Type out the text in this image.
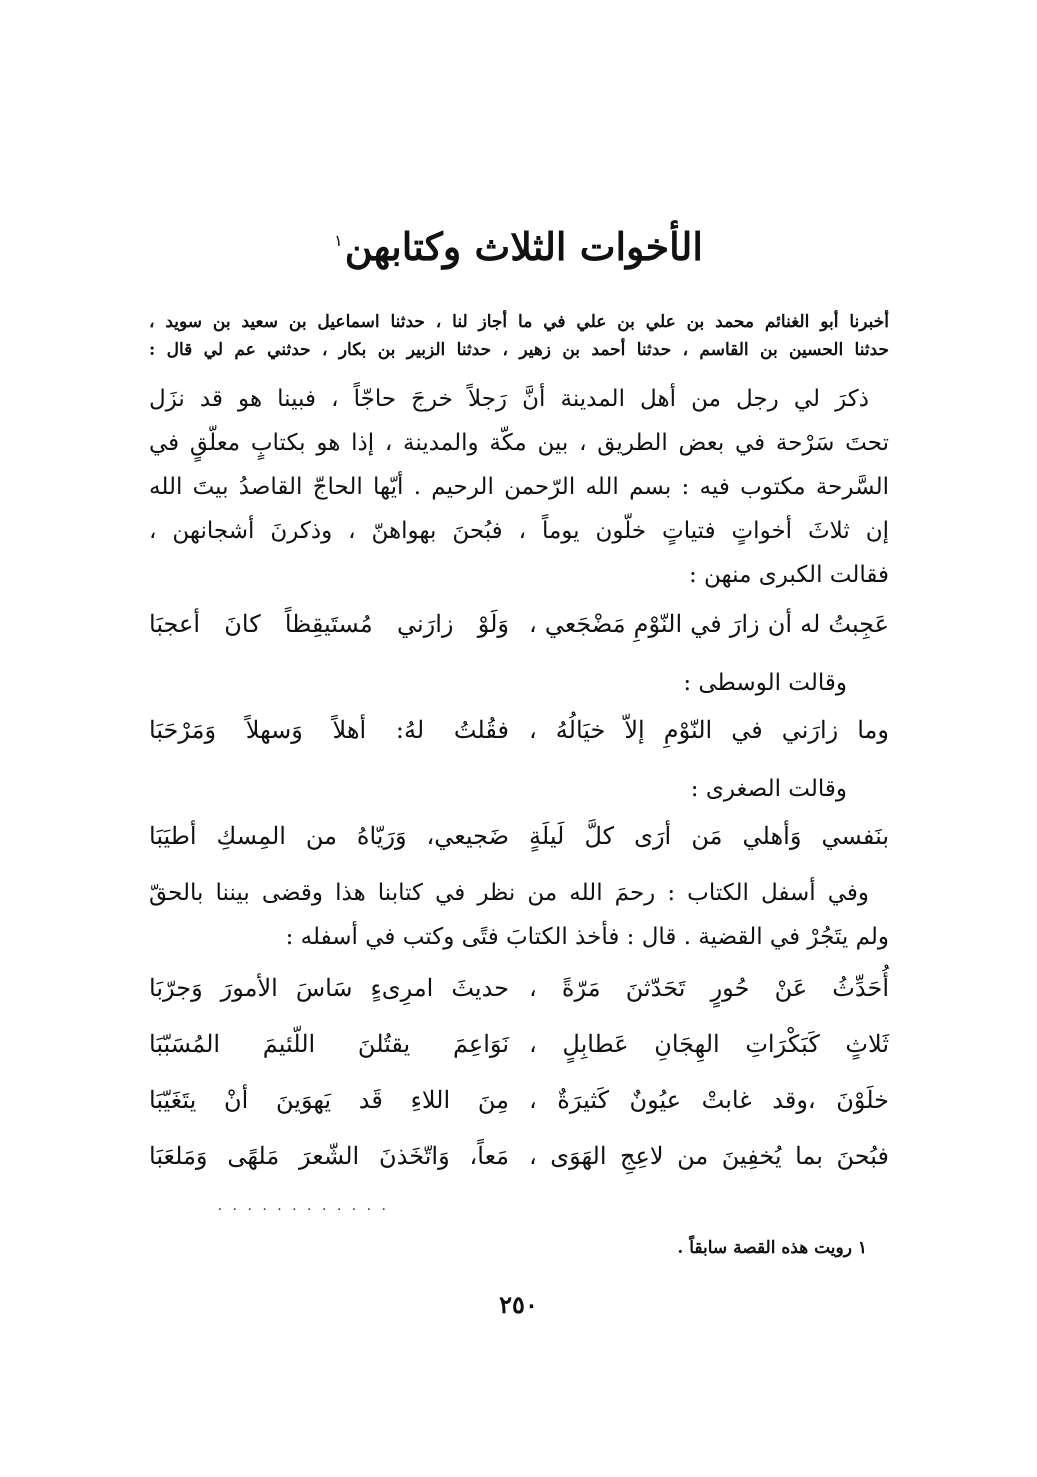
الأخوات الثلاث وكتابهن$^١$
أخبرنا أبو الغنائم محمد بن علي بن علي في ما أجاز لنا ، حدثنا اسماعيل بن سعيد بن سويد ،
حدثنا الحسين بن القاسم ، حدثنا أحمد بن زهير ، حدثنا الزبير بن بكار ، حدثني عم لي قال :
ذكرَ لي رجل من أهل المدينة أنَّ رَجلاً خرجَ حاجّاً ، فبينا هو قد نزَل
تحتَ سَرْحة في بعض الطريق ، بين مكّة والمدينة ، إذا هو بكتابٍ معلّقٍ في
السَّرحة مكتوب فيه : بسم الله الرّحمن الرحيم . أيّها الحاجّ القاصدُ بيتَ الله
إن ثلاثَ أخواتٍ فتياتٍ خلّون يوماً ، فبُحنَ بهواهنّ ، وذكرنَ أشجانهن ،
فقالت الكبرى منهن :
عَجِبتُ له أن زارَ في النّوْمِ مَضْجَعي ،
وَلَوْ زارَني مُستَيقِظاً كانَ أعجبَا
وقالت الوسطى :
وما زارَني في النّوْمِ إلاّ خيَالُهُ ،
فقُلتُ لهُ: أهلاً وَسهلاً وَمَرْحَبَا
وقالت الصغرى :
بنَفسي وَأهلي مَن أرَى كلَّ لَيلَةٍ
ضَجيعي، وَرَيّاهُ من المِسكِ أطيَبَا
وفي أسفل الكتاب : رحمَ الله من نظر في كتابنا هذا وقضى بيننا بالحقّ
ولم يتَجُرْ في القضية . قال : فأخذ الكتابَ فتًى وكتب في أسفله :
أُحَدِّثُ عَنْ حُورٍ تَحَدّثنَ مَرّةً ،
حديثَ امرِىءٍ سَاسَ الأمورَ وَجرّبَا
ثَلاثٍ كَبَكْرَاتِ الهِجَانِ عَطابِلٍ ،
نَوَاعِمَ يقتُلنَ اللّئيمَ المُسَبّبَا
خلَوْنَ ،وقد غابتْ عيُونٌ كَثيرَةٌ ،
مِنَ اللاءِ قَد يَهوَينَ أنْ يتَغَيّبَا
فبُحنَ بما يُخفِينَ من لاعِجِ الهَوَى ،
مَعاً، وَاتّخَذنَ الشّعرَ مَلهًى وَمَلعَبَا
. . . . . . . . . . . .
١ رويت هذه القصة سابقاً .
٢٥٠
